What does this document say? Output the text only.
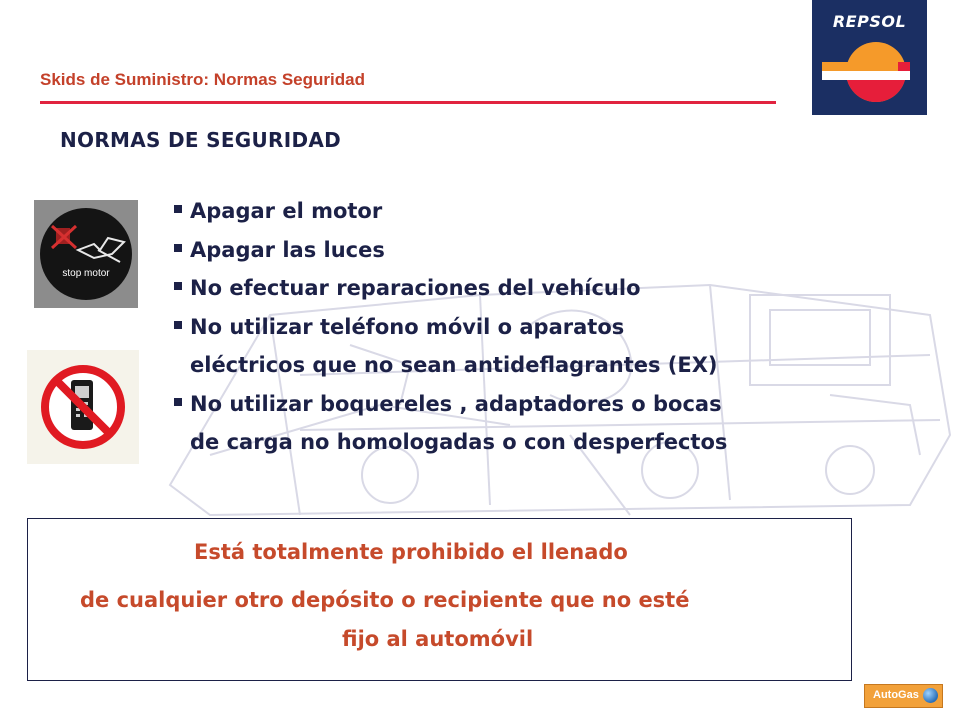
Skids de Suministro: Normas Seguridad
REPSOL
NORMAS DE SEGURIDAD
stop motor
Apagar el motor
Apagar las luces
No efectuar reparaciones del vehículo
No utilizar teléfono móvil o aparatos
eléctricos que no sean antideflagrantes (EX)
No utilizar boquereles , adaptadores o bocas
de carga no homologadas o con desperfectos
Está totalmente prohibido el llenado
de cualquier otro depósito o recipiente que no esté
fijo al automóvil
AutoGas
